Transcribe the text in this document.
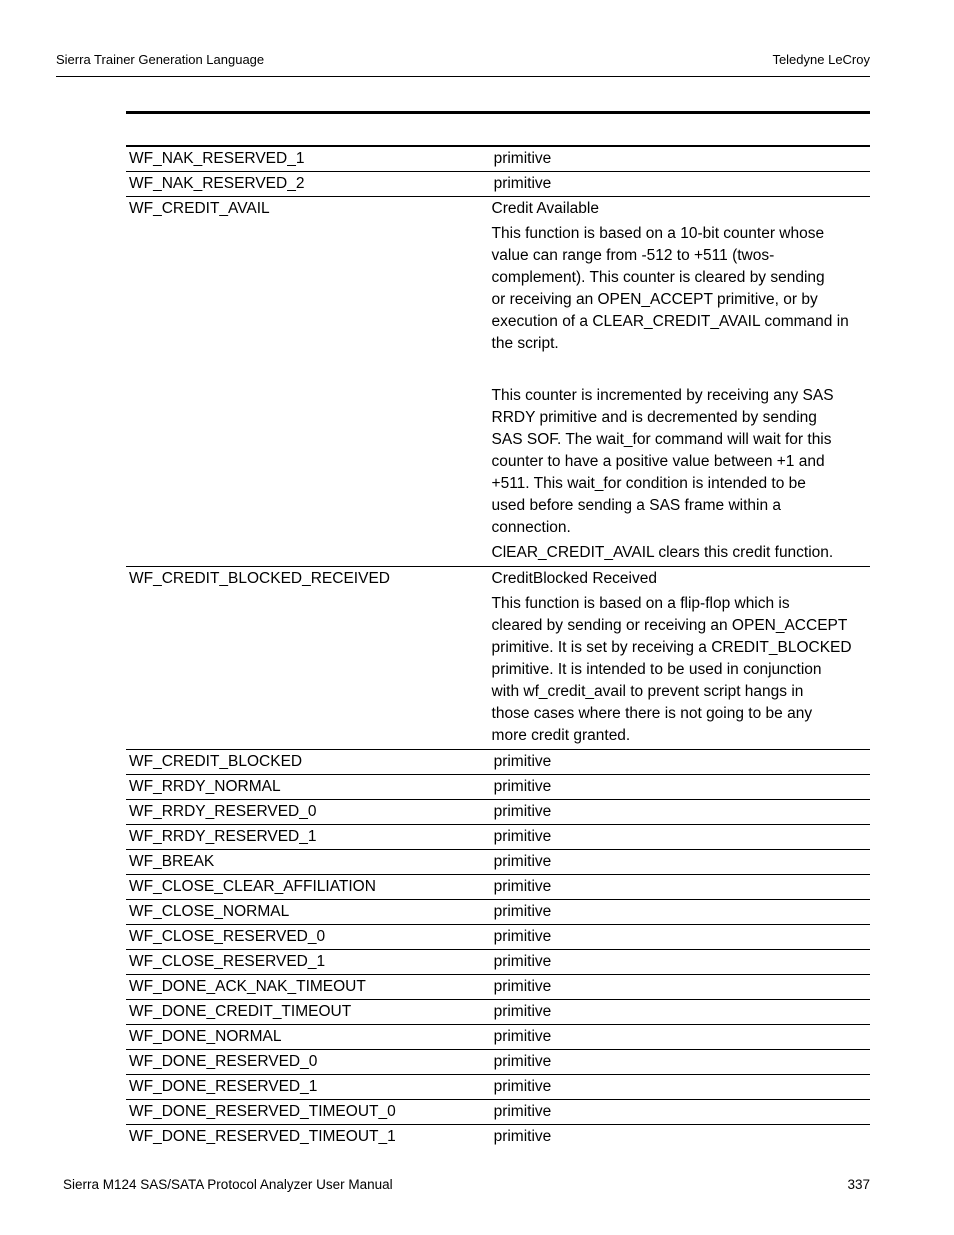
Sierra Trainer Generation Language	Teledyne LeCroy
WF_NAK_RESERVED_1	primitive
WF_NAK_RESERVED_2	primitive
WF_CREDIT_AVAIL	Credit Available
This function is based on a 10-bit counter whose
value can range from -512 to +511 (twos-
complement). This counter is cleared by sending
or receiving an OPEN_ACCEPT primitive, or by
execution of a CLEAR_CREDIT_AVAIL command in
the script.
This counter is incremented by receiving any SAS
RRDY primitive and is decremented by sending
SAS SOF. The wait_for command will wait for this
counter to have a positive value between +1 and
+511. This wait_for condition is intended to be
used before sending a SAS frame within a
connection.
ClEAR_CREDIT_AVAIL clears this credit function.
WF_CREDIT_BLOCKED_RECEIVED	CreditBlocked Received
This function is based on a flip-flop which is
cleared by sending or receiving an OPEN_ACCEPT
primitive. It is set by receiving a CREDIT_BLOCKED
primitive. It is intended to be used in conjunction
with wf_credit_avail to prevent script hangs in
those cases where there is not going to be any
more credit granted.
WF_CREDIT_BLOCKED	primitive
WF_RRDY_NORMAL	primitive
WF_RRDY_RESERVED_0	primitive
WF_RRDY_RESERVED_1	primitive
WF_BREAK	primitive
WF_CLOSE_CLEAR_AFFILIATION	primitive
WF_CLOSE_NORMAL	primitive
WF_CLOSE_RESERVED_0	primitive
WF_CLOSE_RESERVED_1	primitive
WF_DONE_ACK_NAK_TIMEOUT	primitive
WF_DONE_CREDIT_TIMEOUT	primitive
WF_DONE_NORMAL	primitive
WF_DONE_RESERVED_0	primitive
WF_DONE_RESERVED_1	primitive
WF_DONE_RESERVED_TIMEOUT_0	primitive
WF_DONE_RESERVED_TIMEOUT_1	primitive
Sierra M124 SAS/SATA Protocol Analyzer User Manual	337
